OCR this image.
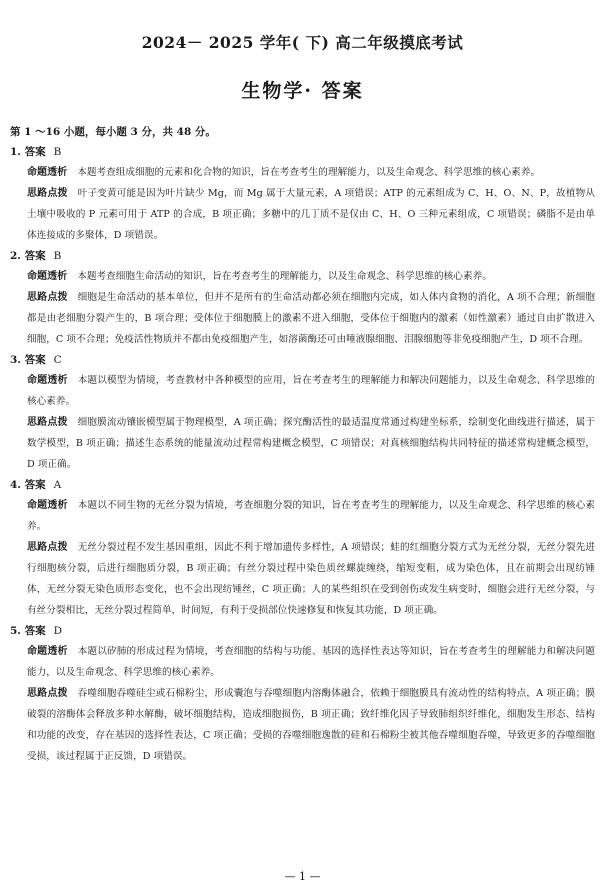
2024－ 2025 学年( 下) 高二年级摸底考试
生物学· 答案
第 1 ～16 小题，每小题 3 分，共 48 分。
1. 答案 B
命题透析 本题考查组成细胞的元素和化合物的知识，旨在考查考生的理解能力，以及生命观念、科学思维的核心素养。
思路点拨 叶子变黄可能是因为叶片缺少 Mg，而 Mg 属于大量元素，A 项错误；ATP 的元素组成为 C、H、O、N、P，故植物从土壤中吸收的 P 元素可用于 ATP 的合成，B 项正确；多糖中的几丁质不是仅由 C、H、O 三种元素组成，C 项错误；磷脂不是由单体连接成的多聚体，D 项错误。
2. 答案 B
命题透析 本题考查细胞生命活动的知识，旨在考查考生的理解能力，以及生命观念、科学思维的核心素养。
思路点拨 细胞是生命活动的基本单位，但并不是所有的生命活动都必须在细胞内完成，如人体内食物的消化，A 项不合理；新细胞都是由老细胞分裂产生的，B 项合理；受体位于细胞膜上的激素不进入细胞，受体位于细胞内的激素（如性激素）通过自由扩散进入细胞，C 项不合理；免疫活性物质并不都由免疫细胞产生，如溶菌酶还可由唾液腺细胞、泪腺细胞等非免疫细胞产生，D 项不合理。
3. 答案 C
命题透析 本题以模型为情境，考查教材中各种模型的应用，旨在考查考生的理解能力和解决问题能力，以及生命观念、科学思维的核心素养。
思路点拨 细胞膜流动镶嵌模型属于物理模型，A 项正确；探究酶活性的最适温度常通过构建坐标系，绘制变化曲线进行描述，属于数学模型，B 项正确；描述生态系统的能量流动过程常构建概念模型，C 项错误；对真核细胞结构共同特征的描述常构建概念模型，D 项正确。
4. 答案 A
命题透析 本题以不同生物的无丝分裂为情境，考查细胞分裂的知识，旨在考查考生的理解能力，以及生命观念、科学思维的核心素养。
思路点拨 无丝分裂过程不发生基因重组，因此不利于增加遗传多样性，A 项错误；蛙的红细胞分裂方式为无丝分裂，无丝分裂先进行细胞核分裂，后进行细胞质分裂，B 项正确；有丝分裂过程中染色质丝螺旋缠绕，缩短变粗，成为染色体，且在前期会出现纺锤体，无丝分裂无染色质形态变化，也不会出现纺锤丝，C 项正确；人的某些组织在受到创伤或发生病变时，细胞会进行无丝分裂，与有丝分裂相比，无丝分裂过程简单，时间短，有利于受损部位快速修复和恢复其功能，D 项正确。
5. 答案 D
命题透析 本题以矽肺的形成过程为情境，考查细胞的结构与功能、基因的选择性表达等知识，旨在考查考生的理解能力和解决问题能力，以及生命观念、科学思维的核心素养。
思路点拨 吞噬细胞吞噬硅尘或石棉粉尘，形成囊泡与吞噬细胞内溶酶体融合，依赖于细胞膜具有流动性的结构特点，A 项正确；膜破裂的溶酶体会释放多种水解酶，破坏细胞结构，造成细胞损伤，B 项正确；致纤维化因子导致肺组织纤维化，细胞发生形态、结构和功能的改变，存在基因的选择性表达，C 项正确；受损的吞噬细胞逸散的硅和石棉粉尘被其他吞噬细胞吞噬，导致更多的吞噬细胞受损，该过程属于正反馈，D 项错误。
— 1 —
